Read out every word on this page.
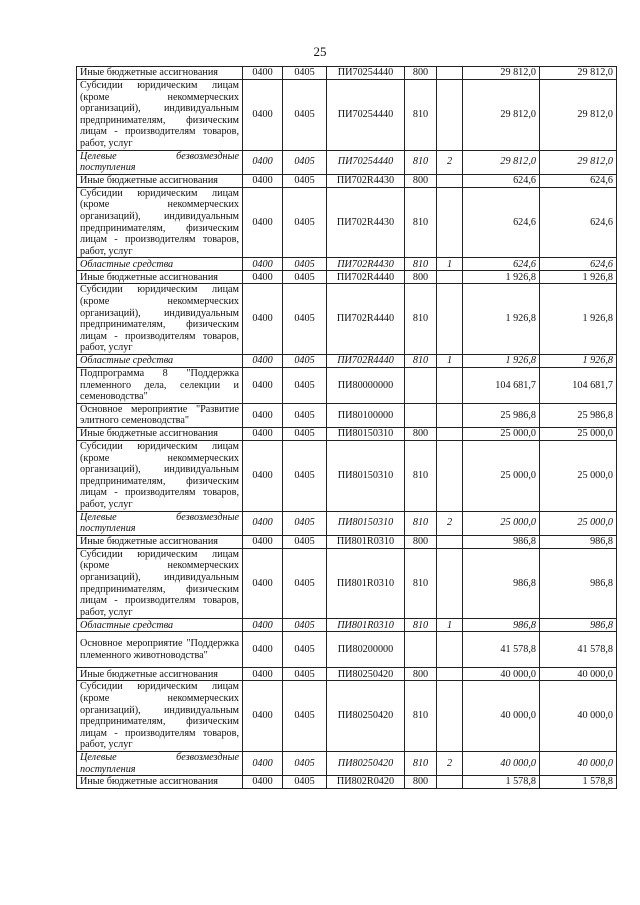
25
Иные бюджетные ассигнования	0400	0405	ПИ70254440	800		29 812,0	29 812,0
Субсидии юридическим лицам (кроме некоммерческих организаций), индивидуальным предпринимателям, физическим лицам - производителям товаров, работ, услуг	0400	0405	ПИ70254440	810		29 812,0	29 812,0
Целевые безвозмездные поступления	0400	0405	ПИ70254440	810	2	29 812,0	29 812,0
Иные бюджетные ассигнования	0400	0405	ПИ702R4430	800		624,6	624,6
Субсидии юридическим лицам (кроме некоммерческих организаций), индивидуальным предпринимателям, физическим лицам - производителям товаров, работ, услуг	0400	0405	ПИ702R4430	810		624,6	624,6
Областные средства	0400	0405	ПИ702R4430	810	1	624,6	624,6
Иные бюджетные ассигнования	0400	0405	ПИ702R4440	800		1 926,8	1 926,8
Субсидии юридическим лицам (кроме некоммерческих организаций), индивидуальным предпринимателям, физическим лицам - производителям товаров, работ, услуг	0400	0405	ПИ702R4440	810		1 926,8	1 926,8
Областные средства	0400	0405	ПИ702R4440	810	1	1 926,8	1 926,8
Подпрограмма 8 "Поддержка племенного дела, селекции и семеноводства"	0400	0405	ПИ80000000			104 681,7	104 681,7
Основное мероприятие "Развитие элитного семеноводства"	0400	0405	ПИ80100000			25 986,8	25 986,8
Иные бюджетные ассигнования	0400	0405	ПИ80150310	800		25 000,0	25 000,0
Субсидии юридическим лицам (кроме некоммерческих организаций), индивидуальным предпринимателям, физическим лицам - производителям товаров, работ, услуг	0400	0405	ПИ80150310	810		25 000,0	25 000,0
Целевые безвозмездные поступления	0400	0405	ПИ80150310	810	2	25 000,0	25 000,0
Иные бюджетные ассигнования	0400	0405	ПИ801R0310	800		986,8	986,8
Субсидии юридическим лицам (кроме некоммерческих организаций), индивидуальным предпринимателям, физическим лицам - производителям товаров, работ, услуг	0400	0405	ПИ801R0310	810		986,8	986,8
Областные средства	0400	0405	ПИ801R0310	810	1	986,8	986,8
Основное мероприятие "Поддержка племенного животноводства"	0400	0405	ПИ80200000			41 578,8	41 578,8
Иные бюджетные ассигнования	0400	0405	ПИ80250420	800		40 000,0	40 000,0
Субсидии юридическим лицам (кроме некоммерческих организаций), индивидуальным предпринимателям, физическим лицам - производителям товаров, работ, услуг	0400	0405	ПИ80250420	810		40 000,0	40 000,0
Целевые безвозмездные поступления	0400	0405	ПИ80250420	810	2	40 000,0	40 000,0
Иные бюджетные ассигнования	0400	0405	ПИ802R0420	800		1 578,8	1 578,8
